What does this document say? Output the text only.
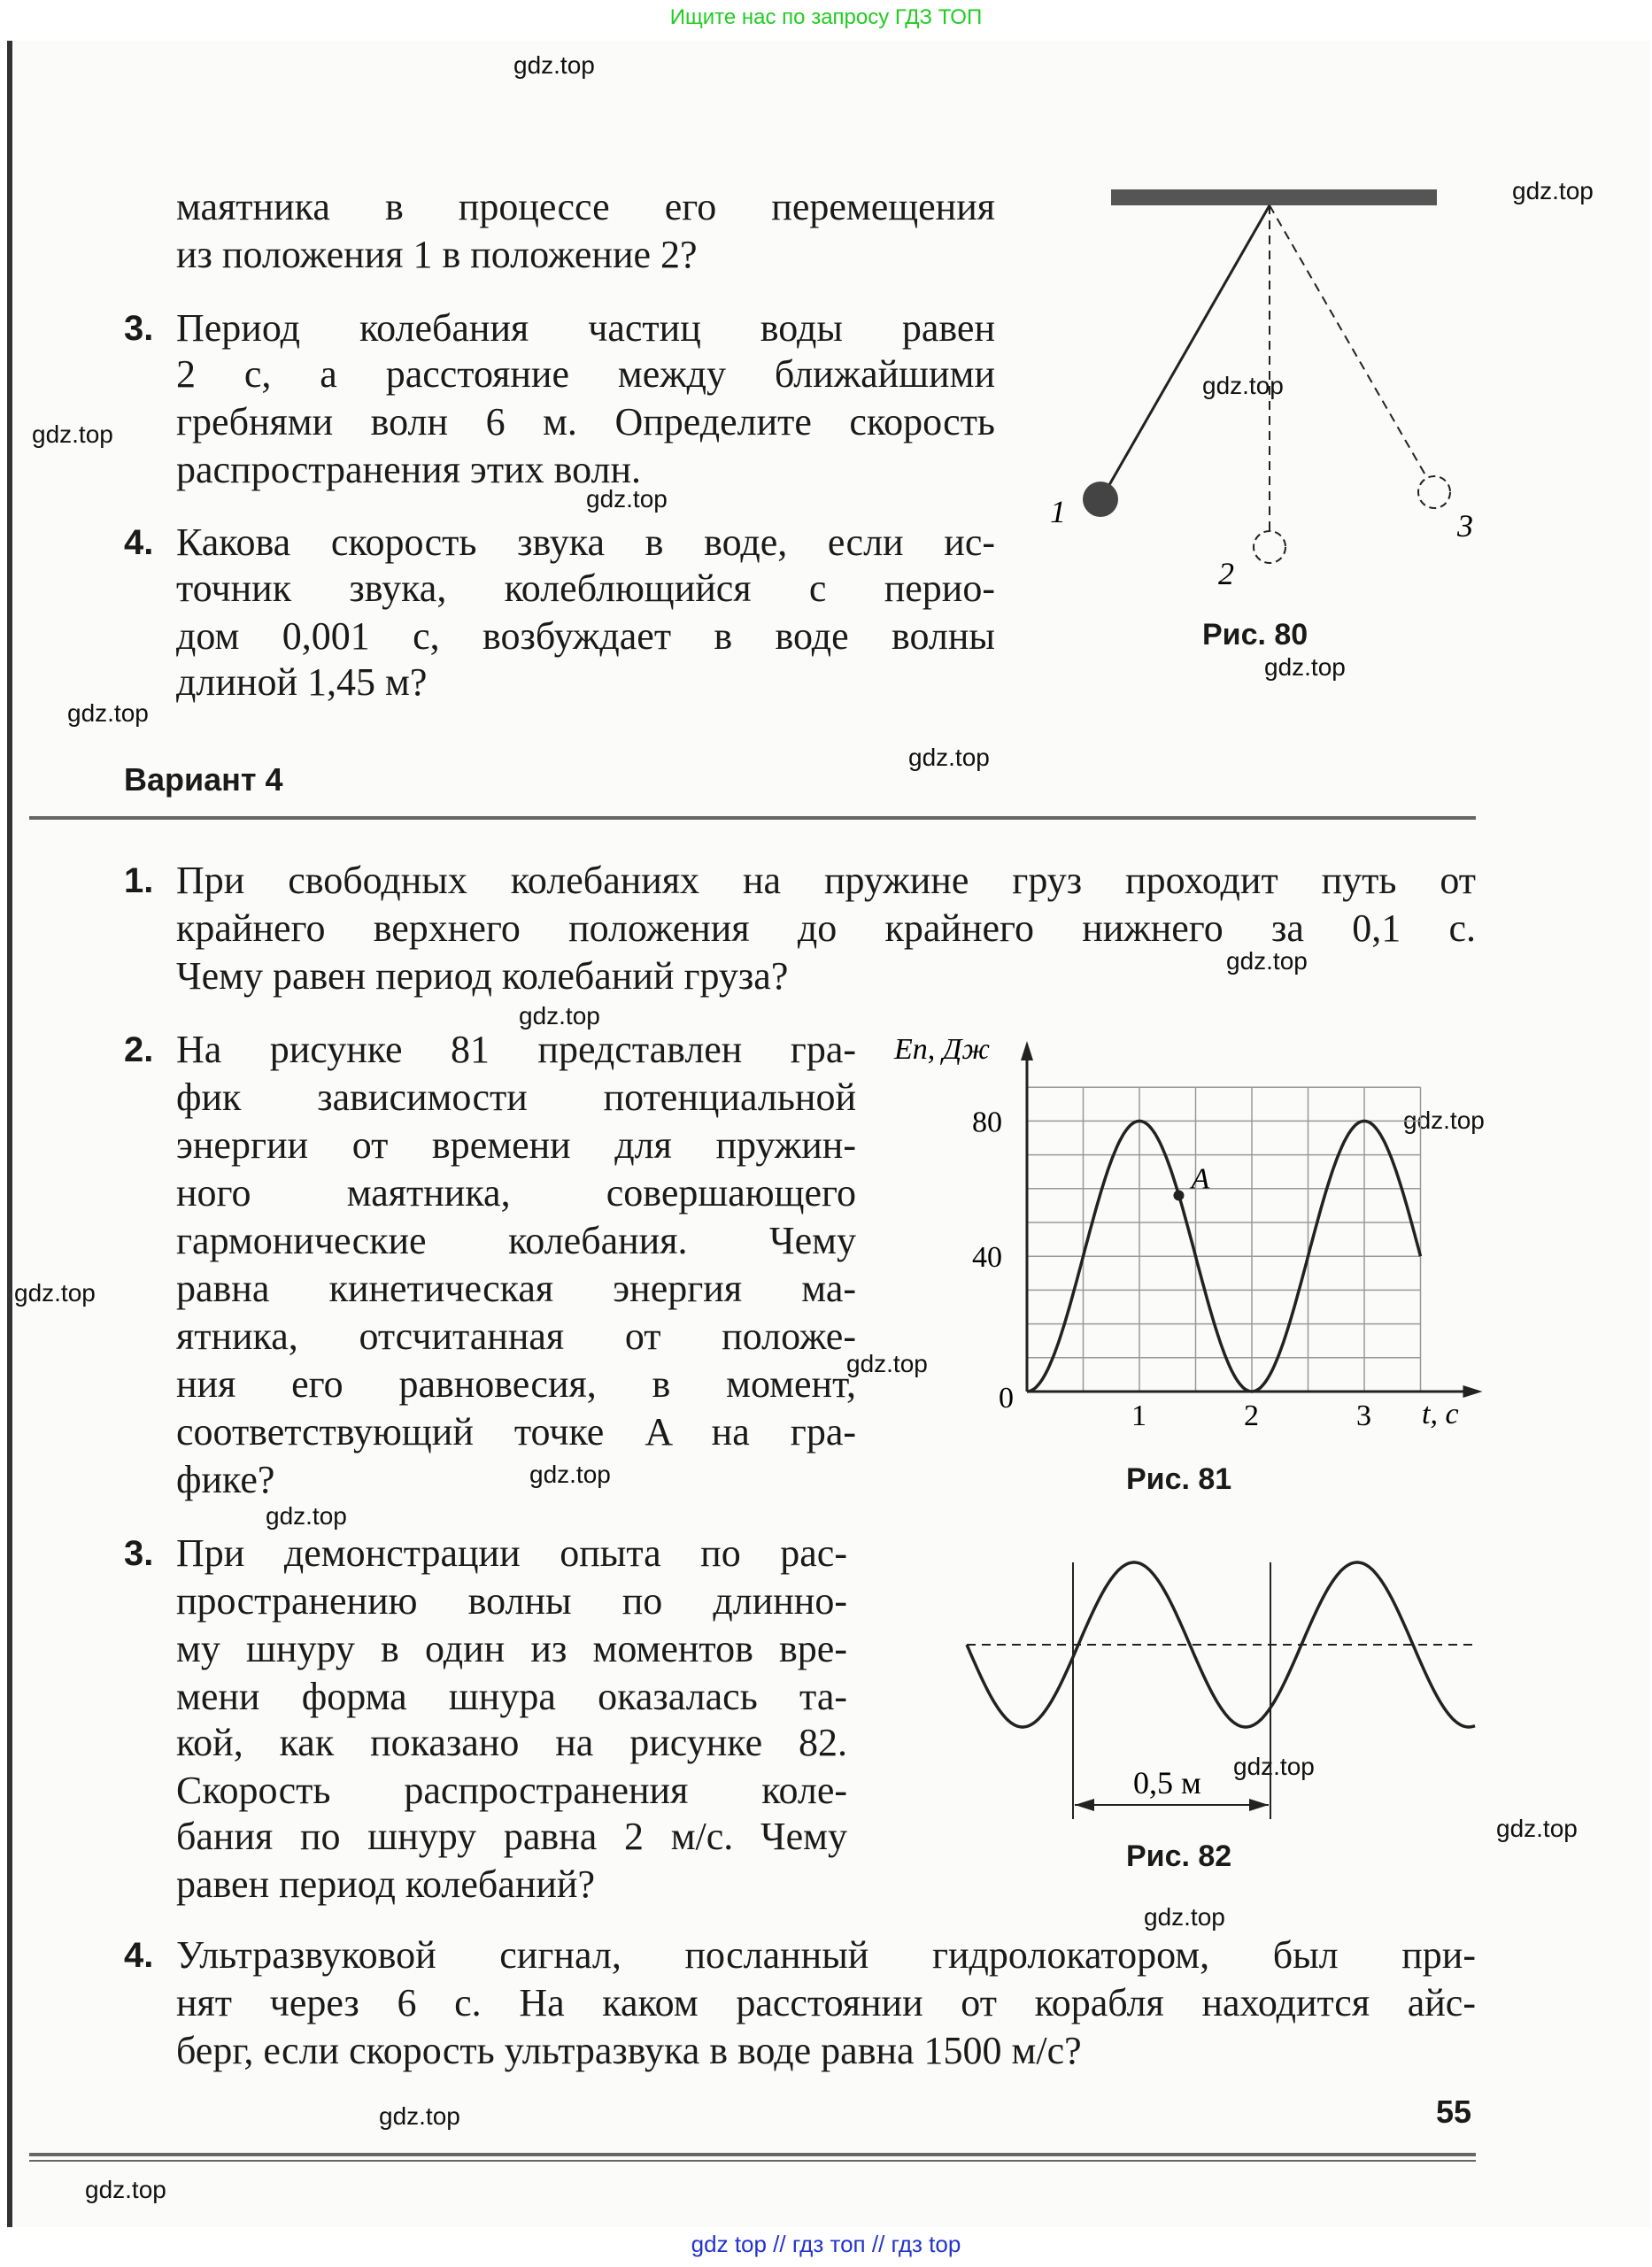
Ищите нас по запросу ГДЗ ТОП
маятника в процессе его перемещения
из положения 1 в положение 2?
3. Период колебания частиц воды равен
2 с, а расстояние между ближайшими
гребнями волн 6 м. Определите скорость
распространения этих волн.
4. Какова скорость звука в воде, если ис-
точник звука, колеблющийся с перио-
дом 0,001 с, возбуждает в воде волны
длиной 1,45 м?
1. При свободных колебаниях на пружине груз проходит путь от
крайнего верхнего положения до крайнего нижнего за 0,1 с.
Чему равен период колебаний груза?
2. На рисунке 81 представлен гра-
фик зависимости потенциальной
энергии от времени для пружин-
ного маятника, совершающего
гармонические колебания. Чему
равна кинетическая энергия ма-
ятника, отсчитанная от положе-
ния его равновесия, в момент,
соответствующий точке A на гра-
фике?
3. При демонстрации опыта по рас-
пространению волны по длинно-
му шнуру в один из моментов вре-
мени форма шнура оказалась та-
кой, как показано на рисунке 82.
Скорость распространения коле-
бания по шнуру равна 2 м/с. Чему
равен период колебаний?
4. Ультразвуковой сигнал, посланный гидролокатором, был при-
нят через 6 с. На каком расстоянии от корабля находится айс-
берг, если скорость ультразвука в воде равна 1500 м/с?
gdz.top
gdz.top
gdz.top
gdz.top
gdz.top
gdz.top
gdz.top
gdz.top
gdz.top
gdz.top
gdz.top
gdz.top
gdz.top
gdz.top
gdz.top
gdz.top
gdz.top
gdz.top
gdz.top
gdz.top
Вариант 4
Рис. 80
Рис. 81
Рис. 82
1
2
3
A
Eп, Дж
t, с
0
40
80
1	2	3
0,5 м
55
gdz top // гдз топ // гдз top
